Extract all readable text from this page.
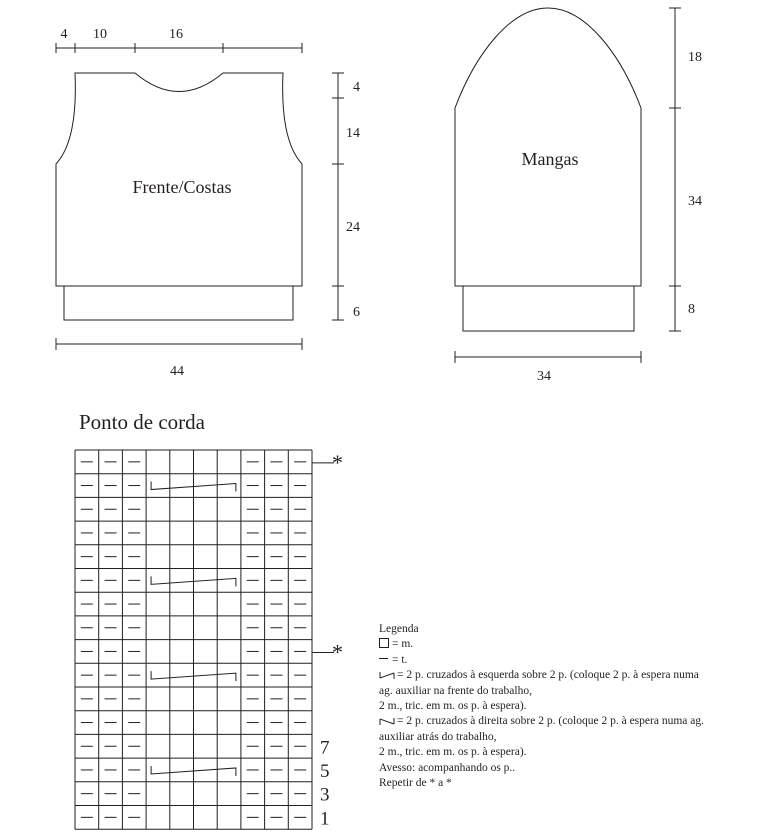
Frente/Costas
4 10	16
4
14
24
6
44
Mangas
18
34
8
34
Ponto de corda
*
*
1
3
5
7
Legenda
= m.
= t.
= 2 p. cruzados à esquerda sobre 2 p. (coloque 2 p. à espera numa
ag. auxiliar na frente do trabalho,
2 m., tric. em m. os p. à espera).
= 2 p. cruzados à direita sobre 2 p. (coloque 2 p. à espera numa ag.
auxiliar atrás do trabalho,
2 m., tric. em m. os p. à espera).
Avesso: acompanhando os p..
Repetir de * a *
